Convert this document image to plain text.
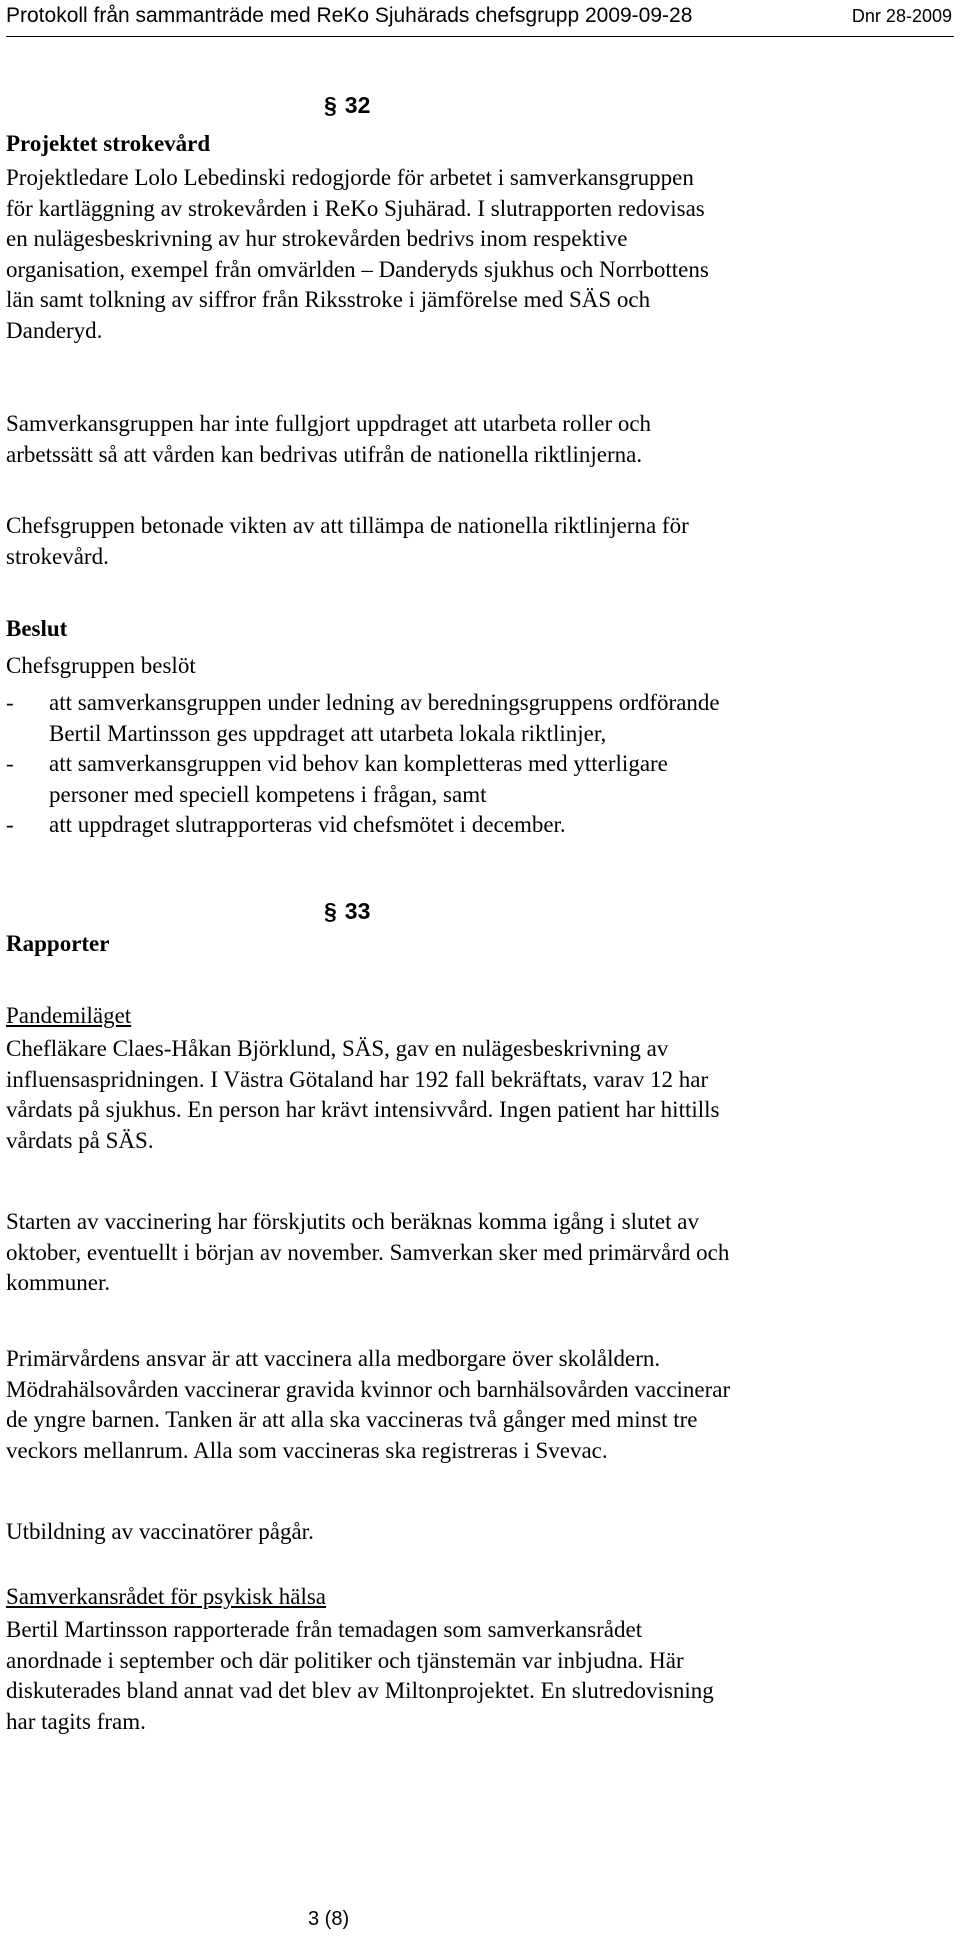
Protokoll från sammanträde med ReKo Sjuhärads chefsgrupp 2009-09-28	Dnr 28-2009
§ 32
Projektet strokevård
Projektledare Lolo Lebedinski redogjorde för arbetet i samverkansgruppen
för kartläggning av strokevården i ReKo Sjuhärad. I slutrapporten redovisas
en nulägesbeskrivning av hur strokevården bedrivs inom respektive
organisation, exempel från omvärlden – Danderyds sjukhus och Norrbottens
län samt tolkning av siffror från Riksstroke i jämförelse med SÄS och
Danderyd.
Samverkansgruppen har inte fullgjort uppdraget att utarbeta roller och
arbetssätt så att vården kan bedrivas utifrån de nationella riktlinjerna.
Chefsgruppen betonade vikten av att tillämpa de nationella riktlinjerna för
strokevård.
Beslut
Chefsgruppen beslöt
- att samverkansgruppen under ledning av beredningsgruppens ordförande
Bertil Martinsson ges uppdraget att utarbeta lokala riktlinjer,
- att samverkansgruppen vid behov kan kompletteras med ytterligare
personer med speciell kompetens i frågan, samt
- att uppdraget slutrapporteras vid chefsmötet i december.
§ 33
Rapporter
Pandemiläget
Chefläkare Claes-Håkan Björklund, SÄS, gav en nulägesbeskrivning av
influensaspridningen. I Västra Götaland har 192 fall bekräftats, varav 12 har
vårdats på sjukhus. En person har krävt intensivvård. Ingen patient har hittills
vårdats på SÄS.
Starten av vaccinering har förskjutits och beräknas komma igång i slutet av
oktober, eventuellt i början av november. Samverkan sker med primärvård och
kommuner.
Primärvårdens ansvar är att vaccinera alla medborgare över skolåldern.
Mödrahälsovården vaccinerar gravida kvinnor och barnhälsovården vaccinerar
de yngre barnen. Tanken är att alla ska vaccineras två gånger med minst tre
veckors mellanrum. Alla som vaccineras ska registreras i Svevac.
Utbildning av vaccinatörer pågår.
Samverkansrådet för psykisk hälsa
Bertil Martinsson rapporterade från temadagen som samverkansrådet
anordnade i september och där politiker och tjänstemän var inbjudna. Här
diskuterades bland annat vad det blev av Miltonprojektet. En slutredovisning
har tagits fram.
3 (8)
